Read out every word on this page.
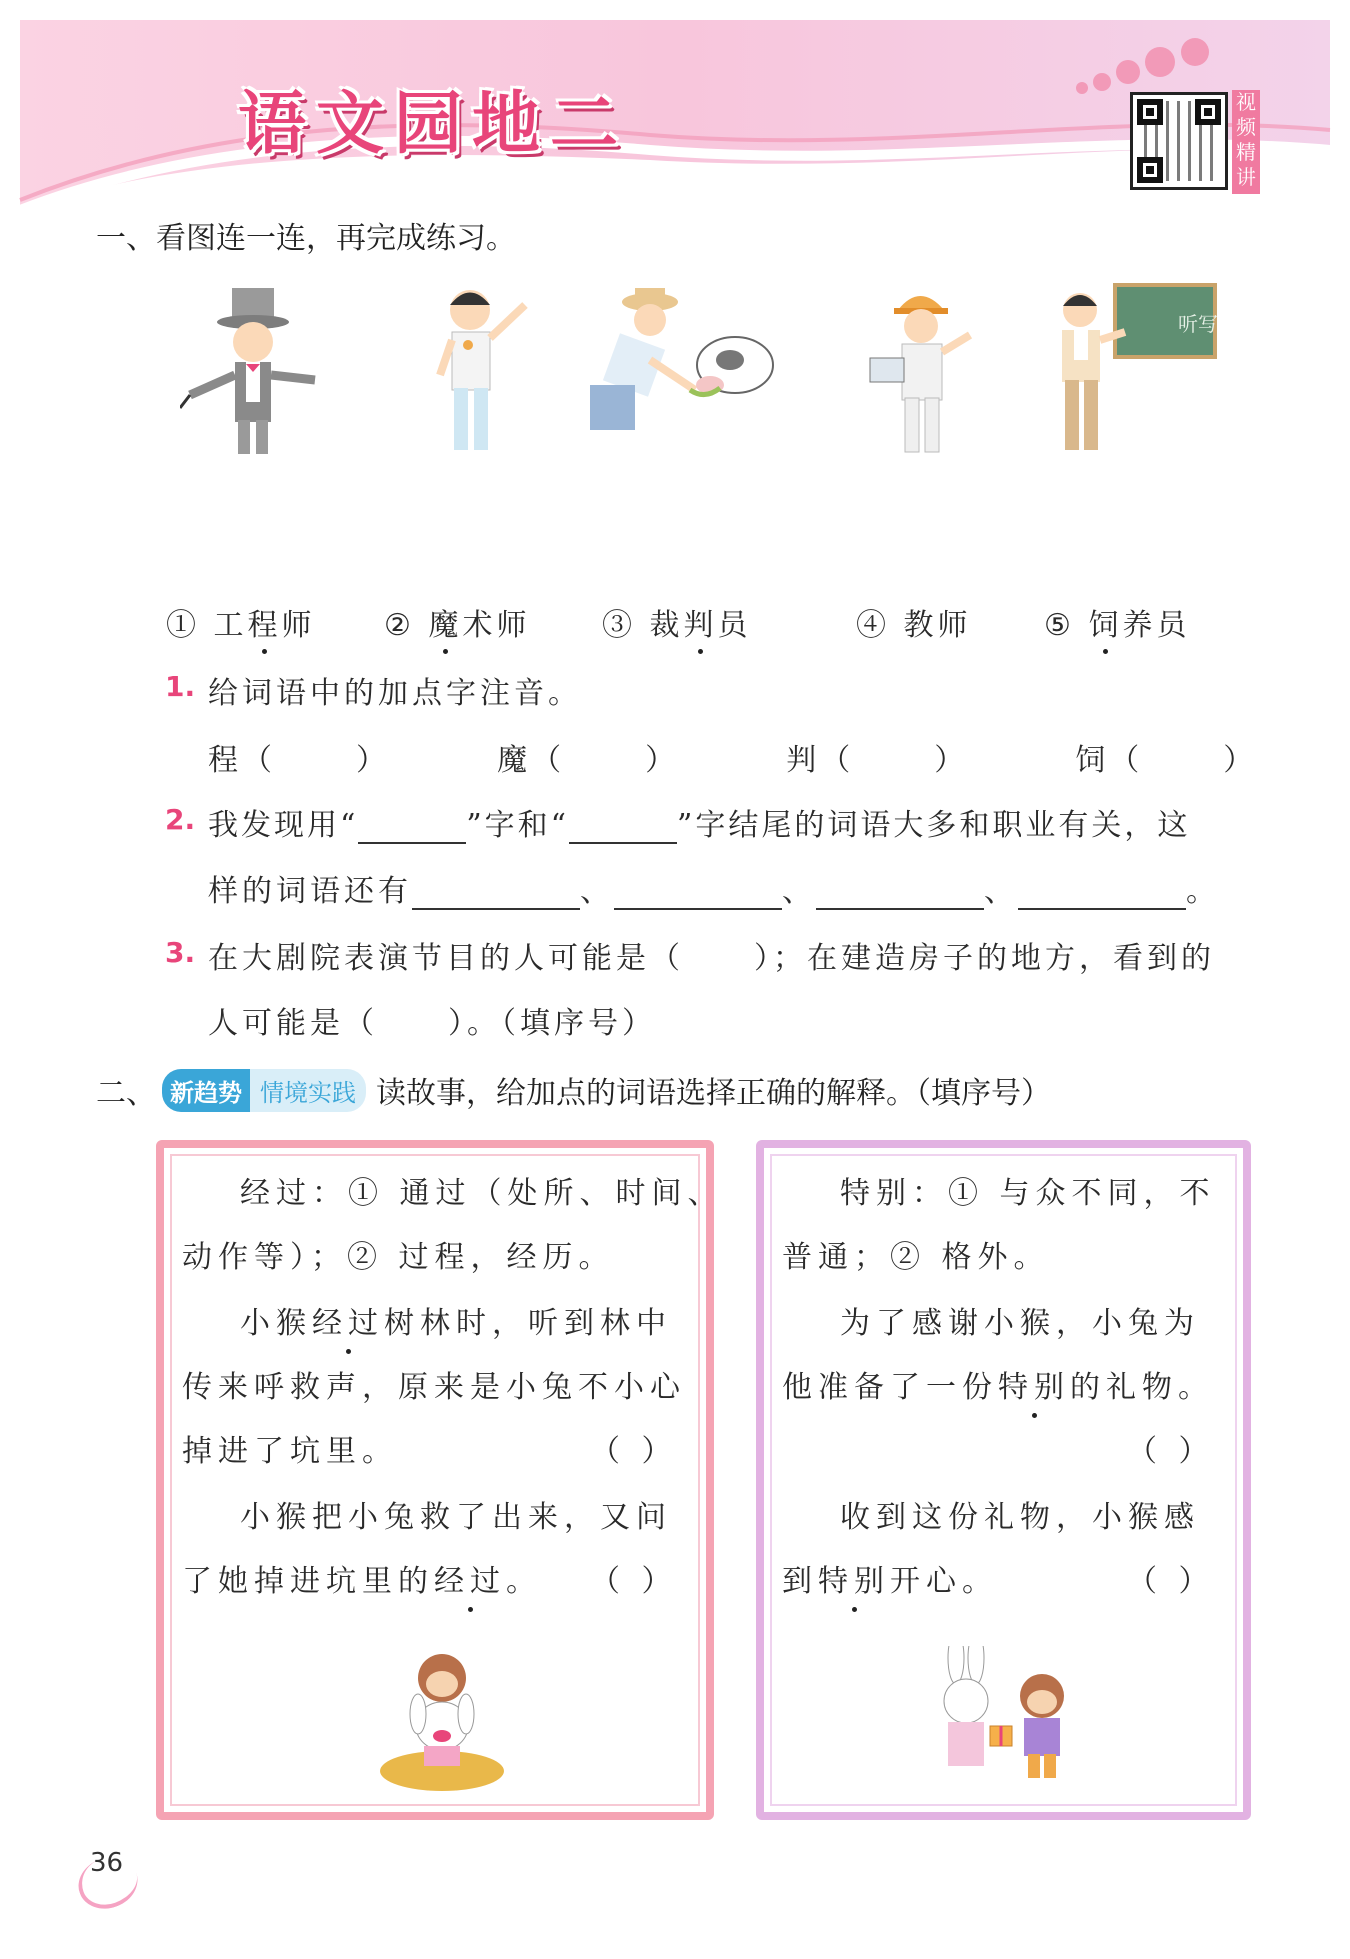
语文园地二	视频精讲
一、看图连一连，再完成练习。
听写
① 工程师 ② 魔术师 ③ 裁判员	④ 教师 ⑤ 饲养员
1. 给词语中的加点字注音。
程（	）	魔（	）	判（	）	饲（	）
2. 我发现用“	”字和“	”字结尾的词语大多和职业有关，这
样的词语还有	、	、	、	。
3. 在大剧院表演节目的人可能是（ ）；在建造房子的地方，看到的
人可能是（ ）。（填序号）
二、 新趋势 情境实践 读故事，给加点的词语选择正确的解释。（填序号）
经过：① 通过（处所、时间、
动作等）；② 过程，经历。
小猴经过树林时，听到林中
传来呼救声，原来是小兔不小心
掉进了坑里。	（ ）
小猴把小兔救了出来，又问
了她掉进坑里的经过。 （ ）
特别：① 与众不同，不
普通；② 格外。
为了感谢小猴，小兔为
他准备了一份特别的礼物。
（ ）
收到这份礼物，小猴感
到特别开心。	（ ）
36
